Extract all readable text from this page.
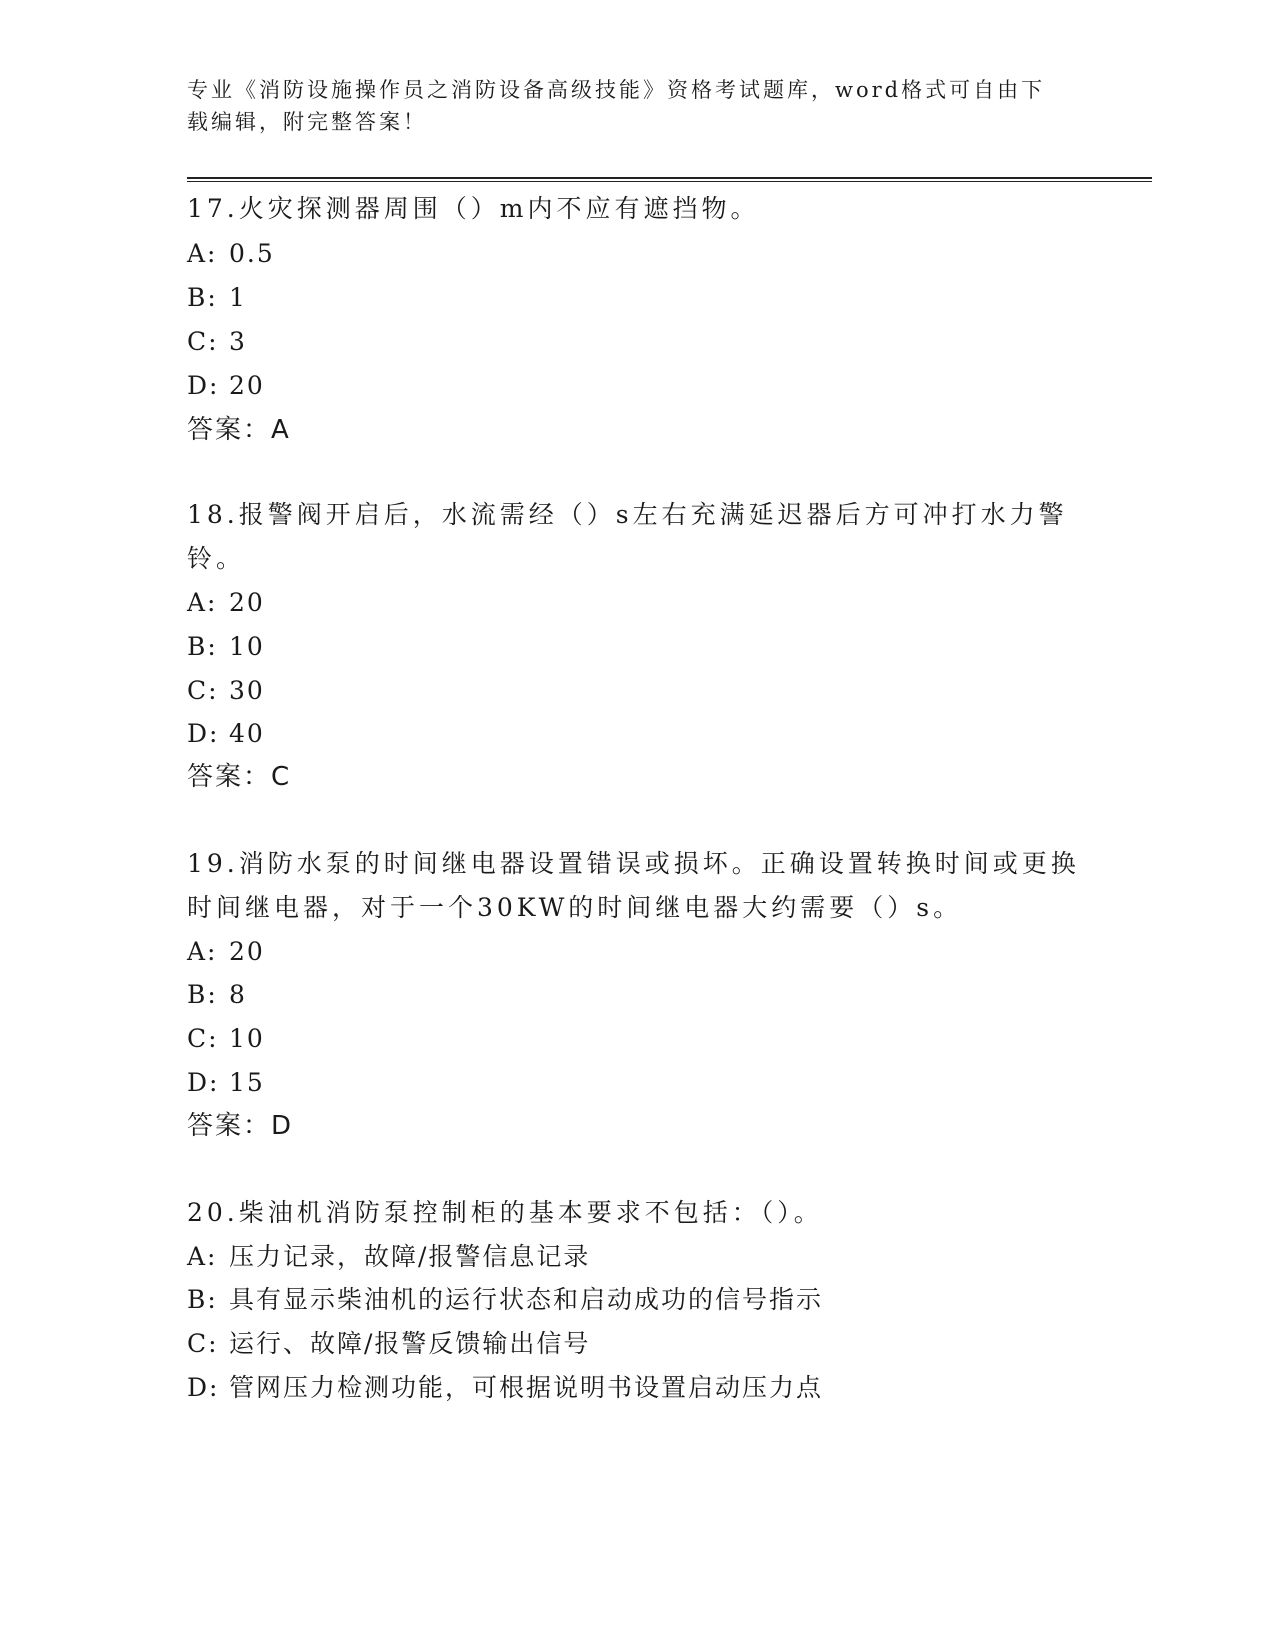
专业《消防设施操作员之消防设备高级技能》资格考试题库，word格式可自由下
载编辑，附完整答案！
17.火灾探测器周围（）m内不应有遮挡物。
A: 0.5
B: 1
C: 3
D: 20
答案：A
18.报警阀开启后，水流需经（）s左右充满延迟器后方可冲打水力警
铃。
A: 20
B: 10
C: 30
D: 40
答案：C
19.消防水泵的时间继电器设置错误或损坏。正确设置转换时间或更换
时间继电器，对于一个30KW的时间继电器大约需要（）s。
A: 20
B: 8
C: 10
D: 15
答案：D
20.柴油机消防泵控制柜的基本要求不包括：（）。
A: 压力记录，故障/报警信息记录
B: 具有显示柴油机的运行状态和启动成功的信号指示
C: 运行、故障/报警反馈输出信号
D: 管网压力检测功能，可根据说明书设置启动压力点
